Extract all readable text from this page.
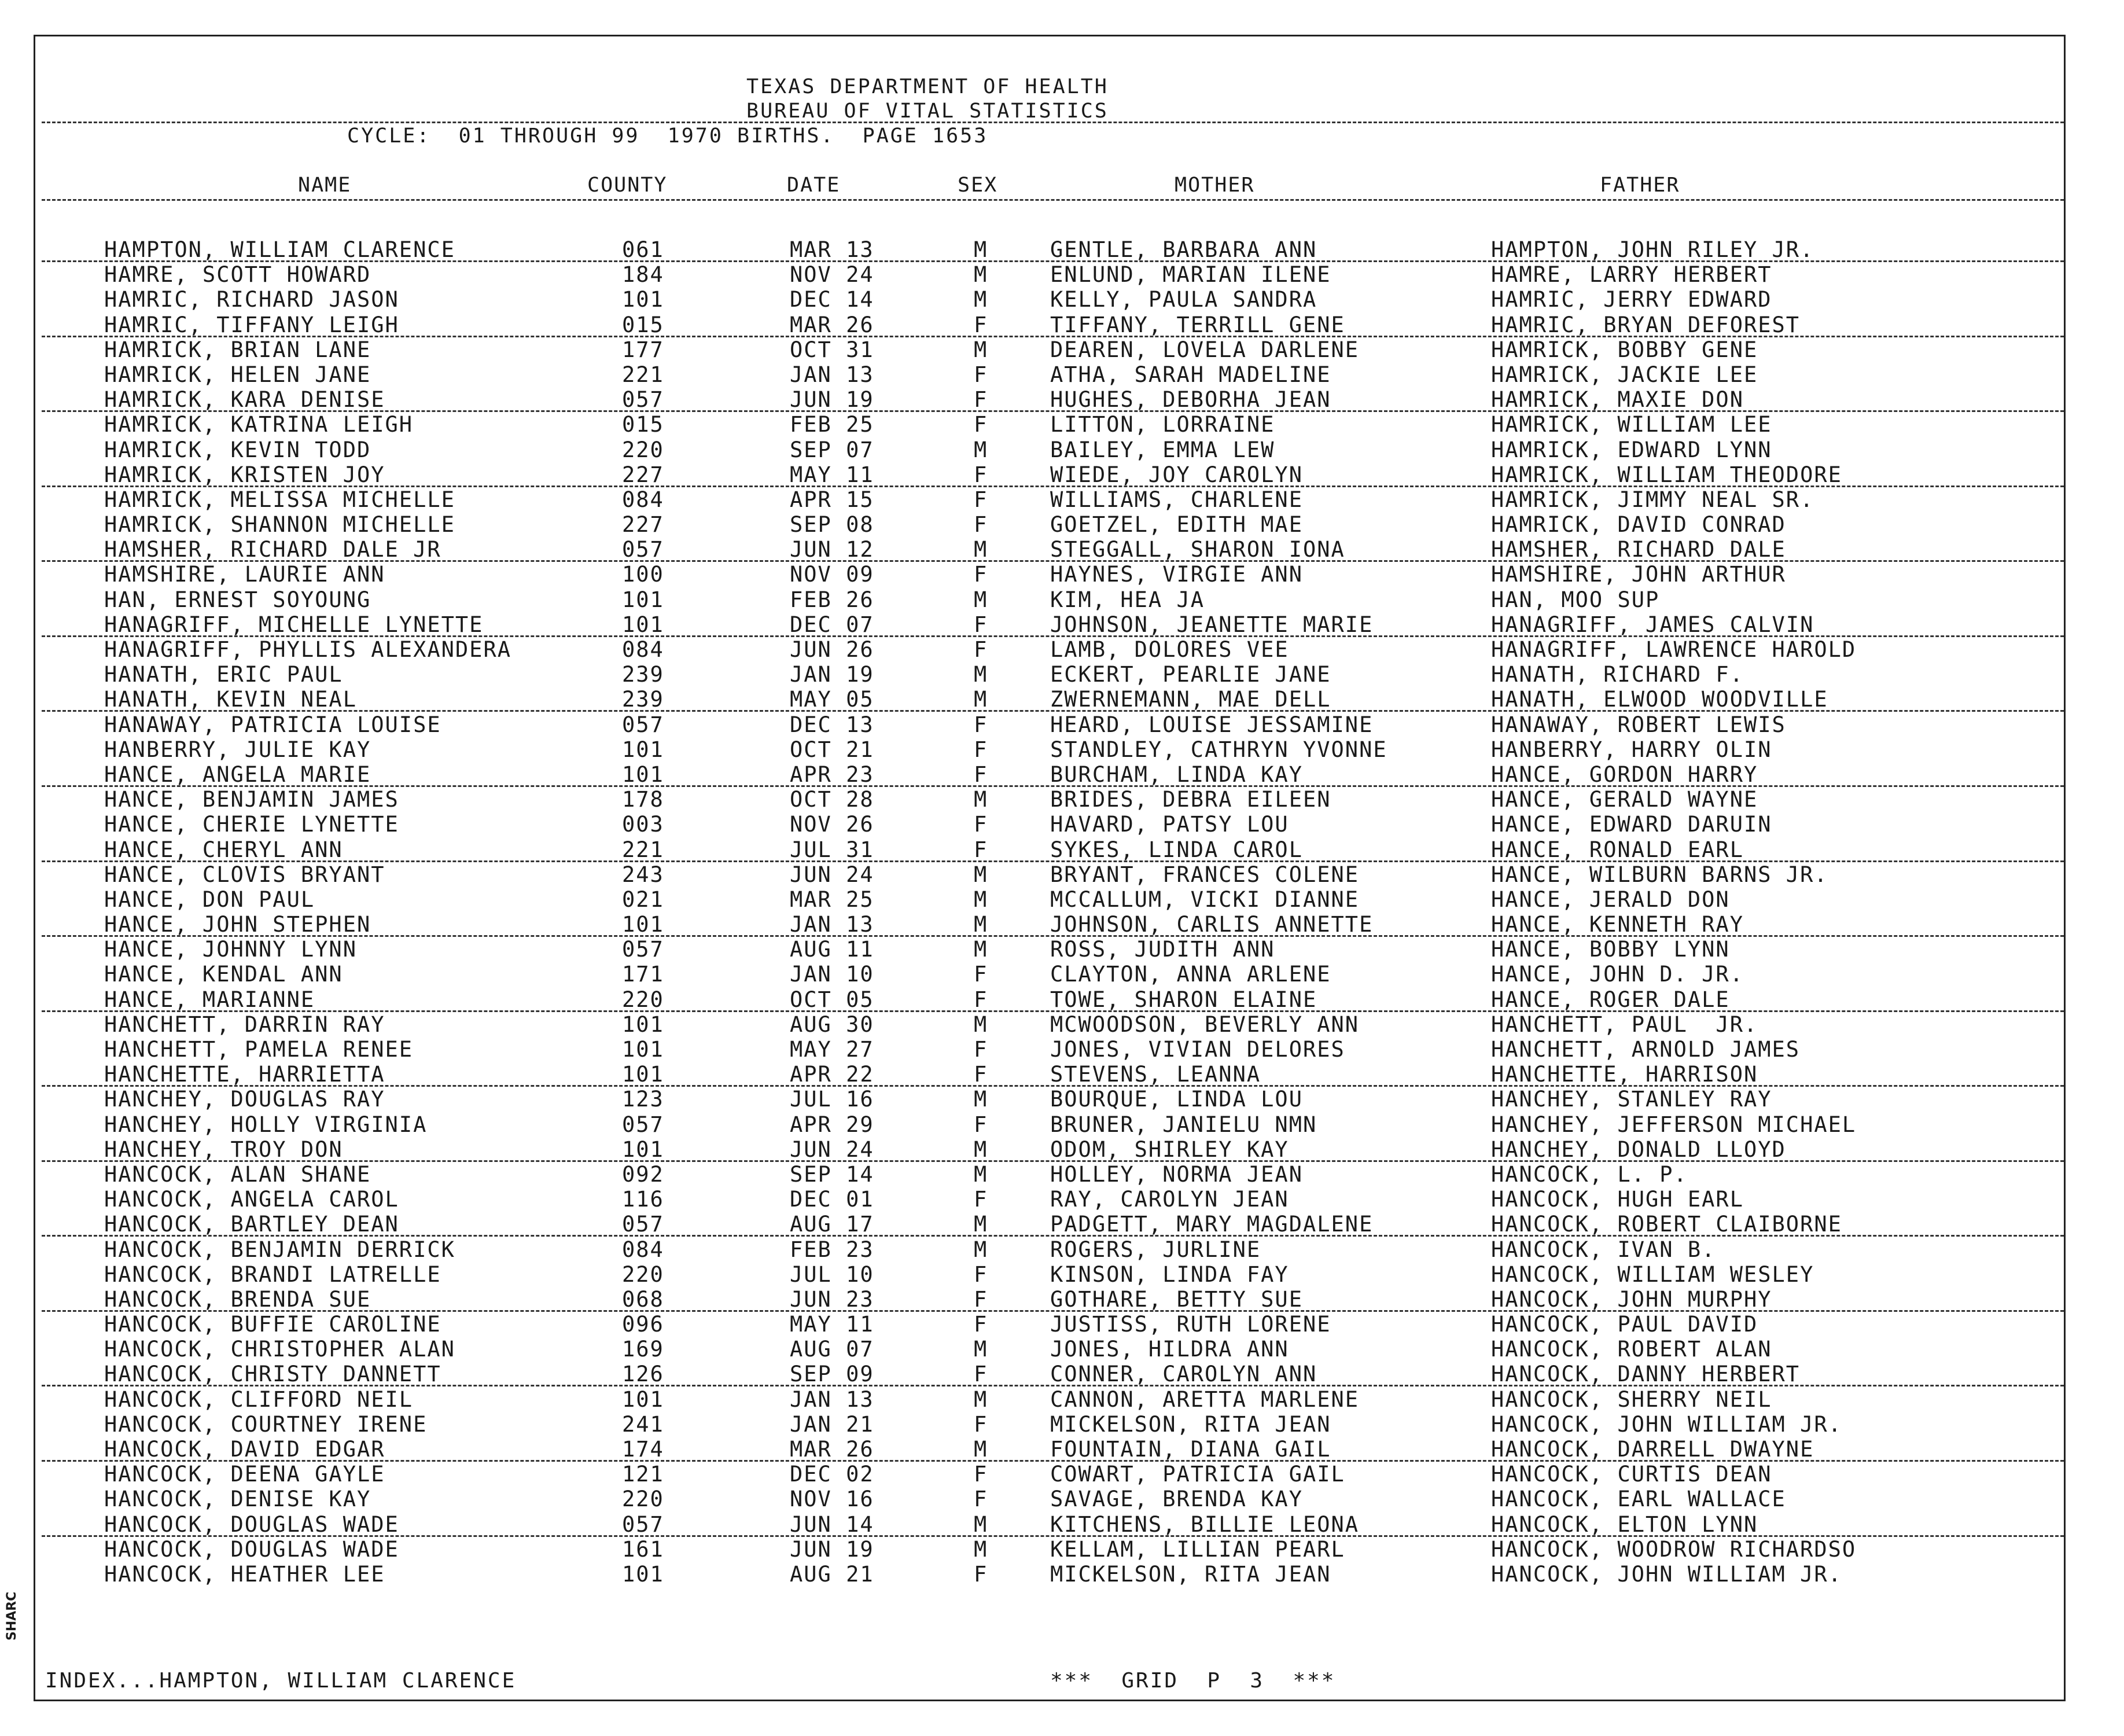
TEXAS DEPARTMENT OF HEALTH
BUREAU OF VITAL STATISTICS
CYCLE:  01 THROUGH 99  1970 BIRTHS.  PAGE 1653
NAME	COUNTY	DATE	SEX	MOTHER	FATHER
HAMPTON, WILLIAM CLARENCE	061	MAR 13	M	GENTLE, BARBARA ANN	HAMPTON, JOHN RILEY JR.
HAMRE, SCOTT HOWARD	184	NOV 24	M	ENLUND, MARIAN ILENE	HAMRE, LARRY HERBERT
HAMRIC, RICHARD JASON	101	DEC 14	M	KELLY, PAULA SANDRA	HAMRIC, JERRY EDWARD
HAMRIC, TIFFANY LEIGH	015	MAR 26	F	TIFFANY, TERRILL GENE	HAMRIC, BRYAN DEFOREST
HAMRICK, BRIAN LANE	177	OCT 31	M	DEAREN, LOVELA DARLENE	HAMRICK, BOBBY GENE
HAMRICK, HELEN JANE	221	JAN 13	F	ATHA, SARAH MADELINE	HAMRICK, JACKIE LEE
HAMRICK, KARA DENISE	057	JUN 19	F	HUGHES, DEBORHA JEAN	HAMRICK, MAXIE DON
HAMRICK, KATRINA LEIGH	015	FEB 25	F	LITTON, LORRAINE	HAMRICK, WILLIAM LEE
HAMRICK, KEVIN TODD	220	SEP 07	M	BAILEY, EMMA LEW	HAMRICK, EDWARD LYNN
HAMRICK, KRISTEN JOY	227	MAY 11	F	WIEDE, JOY CAROLYN	HAMRICK, WILLIAM THEODORE
HAMRICK, MELISSA MICHELLE	084	APR 15	F	WILLIAMS, CHARLENE	HAMRICK, JIMMY NEAL SR.
HAMRICK, SHANNON MICHELLE	227	SEP 08	F	GOETZEL, EDITH MAE	HAMRICK, DAVID CONRAD
HAMSHER, RICHARD DALE JR	057	JUN 12	M	STEGGALL, SHARON IONA	HAMSHER, RICHARD DALE
HAMSHIRE, LAURIE ANN	100	NOV 09	F	HAYNES, VIRGIE ANN	HAMSHIRE, JOHN ARTHUR
HAN, ERNEST SOYOUNG	101	FEB 26	M	KIM, HEA JA	HAN, MOO SUP
HANAGRIFF, MICHELLE LYNETTE	101	DEC 07	F	JOHNSON, JEANETTE MARIE	HANAGRIFF, JAMES CALVIN
HANAGRIFF, PHYLLIS ALEXANDERA	084	JUN 26	F	LAMB, DOLORES VEE	HANAGRIFF, LAWRENCE HAROLD
HANATH, ERIC PAUL	239	JAN 19	M	ECKERT, PEARLIE JANE	HANATH, RICHARD F.
HANATH, KEVIN NEAL	239	MAY 05	M	ZWERNEMANN, MAE DELL	HANATH, ELWOOD WOODVILLE
HANAWAY, PATRICIA LOUISE	057	DEC 13	F	HEARD, LOUISE JESSAMINE	HANAWAY, ROBERT LEWIS
HANBERRY, JULIE KAY	101	OCT 21	F	STANDLEY, CATHRYN YVONNE	HANBERRY, HARRY OLIN
HANCE, ANGELA MARIE	101	APR 23	F	BURCHAM, LINDA KAY	HANCE, GORDON HARRY
HANCE, BENJAMIN JAMES	178	OCT 28	M	BRIDES, DEBRA EILEEN	HANCE, GERALD WAYNE
HANCE, CHERIE LYNETTE	003	NOV 26	F	HAVARD, PATSY LOU	HANCE, EDWARD DARUIN
HANCE, CHERYL ANN	221	JUL 31	F	SYKES, LINDA CAROL	HANCE, RONALD EARL
HANCE, CLOVIS BRYANT	243	JUN 24	M	BRYANT, FRANCES COLENE	HANCE, WILBURN BARNS JR.
HANCE, DON PAUL	021	MAR 25	M	MCCALLUM, VICKI DIANNE	HANCE, JERALD DON
HANCE, JOHN STEPHEN	101	JAN 13	M	JOHNSON, CARLIS ANNETTE	HANCE, KENNETH RAY
HANCE, JOHNNY LYNN	057	AUG 11	M	ROSS, JUDITH ANN	HANCE, BOBBY LYNN
HANCE, KENDAL ANN	171	JAN 10	F	CLAYTON, ANNA ARLENE	HANCE, JOHN D. JR.
HANCE, MARIANNE	220	OCT 05	F	TOWE, SHARON ELAINE	HANCE, ROGER DALE
HANCHETT, DARRIN RAY	101	AUG 30	M	MCWOODSON, BEVERLY ANN	HANCHETT, PAUL  JR.
HANCHETT, PAMELA RENEE	101	MAY 27	F	JONES, VIVIAN DELORES	HANCHETT, ARNOLD JAMES
HANCHETTE, HARRIETTA	101	APR 22	F	STEVENS, LEANNA	HANCHETTE, HARRISON
HANCHEY, DOUGLAS RAY	123	JUL 16	M	BOURQUE, LINDA LOU	HANCHEY, STANLEY RAY
HANCHEY, HOLLY VIRGINIA	057	APR 29	F	BRUNER, JANIELU NMN	HANCHEY, JEFFERSON MICHAEL
HANCHEY, TROY DON	101	JUN 24	M	ODOM, SHIRLEY KAY	HANCHEY, DONALD LLOYD
HANCOCK, ALAN SHANE	092	SEP 14	M	HOLLEY, NORMA JEAN	HANCOCK, L. P.
HANCOCK, ANGELA CAROL	116	DEC 01	F	RAY, CAROLYN JEAN	HANCOCK, HUGH EARL
HANCOCK, BARTLEY DEAN	057	AUG 17	M	PADGETT, MARY MAGDALENE	HANCOCK, ROBERT CLAIBORNE
HANCOCK, BENJAMIN DERRICK	084	FEB 23	M	ROGERS, JURLINE	HANCOCK, IVAN B.
HANCOCK, BRANDI LATRELLE	220	JUL 10	F	KINSON, LINDA FAY	HANCOCK, WILLIAM WESLEY
HANCOCK, BRENDA SUE	068	JUN 23	F	GOTHARE, BETTY SUE	HANCOCK, JOHN MURPHY
HANCOCK, BUFFIE CAROLINE	096	MAY 11	F	JUSTISS, RUTH LORENE	HANCOCK, PAUL DAVID
HANCOCK, CHRISTOPHER ALAN	169	AUG 07	M	JONES, HILDRA ANN	HANCOCK, ROBERT ALAN
HANCOCK, CHRISTY DANNETT	126	SEP 09	F	CONNER, CAROLYN ANN	HANCOCK, DANNY HERBERT
HANCOCK, CLIFFORD NEIL	101	JAN 13	M	CANNON, ARETTA MARLENE	HANCOCK, SHERRY NEIL
HANCOCK, COURTNEY IRENE	241	JAN 21	F	MICKELSON, RITA JEAN	HANCOCK, JOHN WILLIAM JR.
HANCOCK, DAVID EDGAR	174	MAR 26	M	FOUNTAIN, DIANA GAIL	HANCOCK, DARRELL DWAYNE
HANCOCK, DEENA GAYLE	121	DEC 02	F	COWART, PATRICIA GAIL	HANCOCK, CURTIS DEAN
HANCOCK, DENISE KAY	220	NOV 16	F	SAVAGE, BRENDA KAY	HANCOCK, EARL WALLACE
HANCOCK, DOUGLAS WADE	057	JUN 14	M	KITCHENS, BILLIE LEONA	HANCOCK, ELTON LYNN
HANCOCK, DOUGLAS WADE	161	JUN 19	M	KELLAM, LILLIAN PEARL	HANCOCK, WOODROW RICHARDSO
HANCOCK, HEATHER LEE	101	AUG 21	F	MICKELSON, RITA JEAN	HANCOCK, JOHN WILLIAM JR.
INDEX...HAMPTON, WILLIAM CLARENCE	***  GRID  P  3  ***
SHARC
